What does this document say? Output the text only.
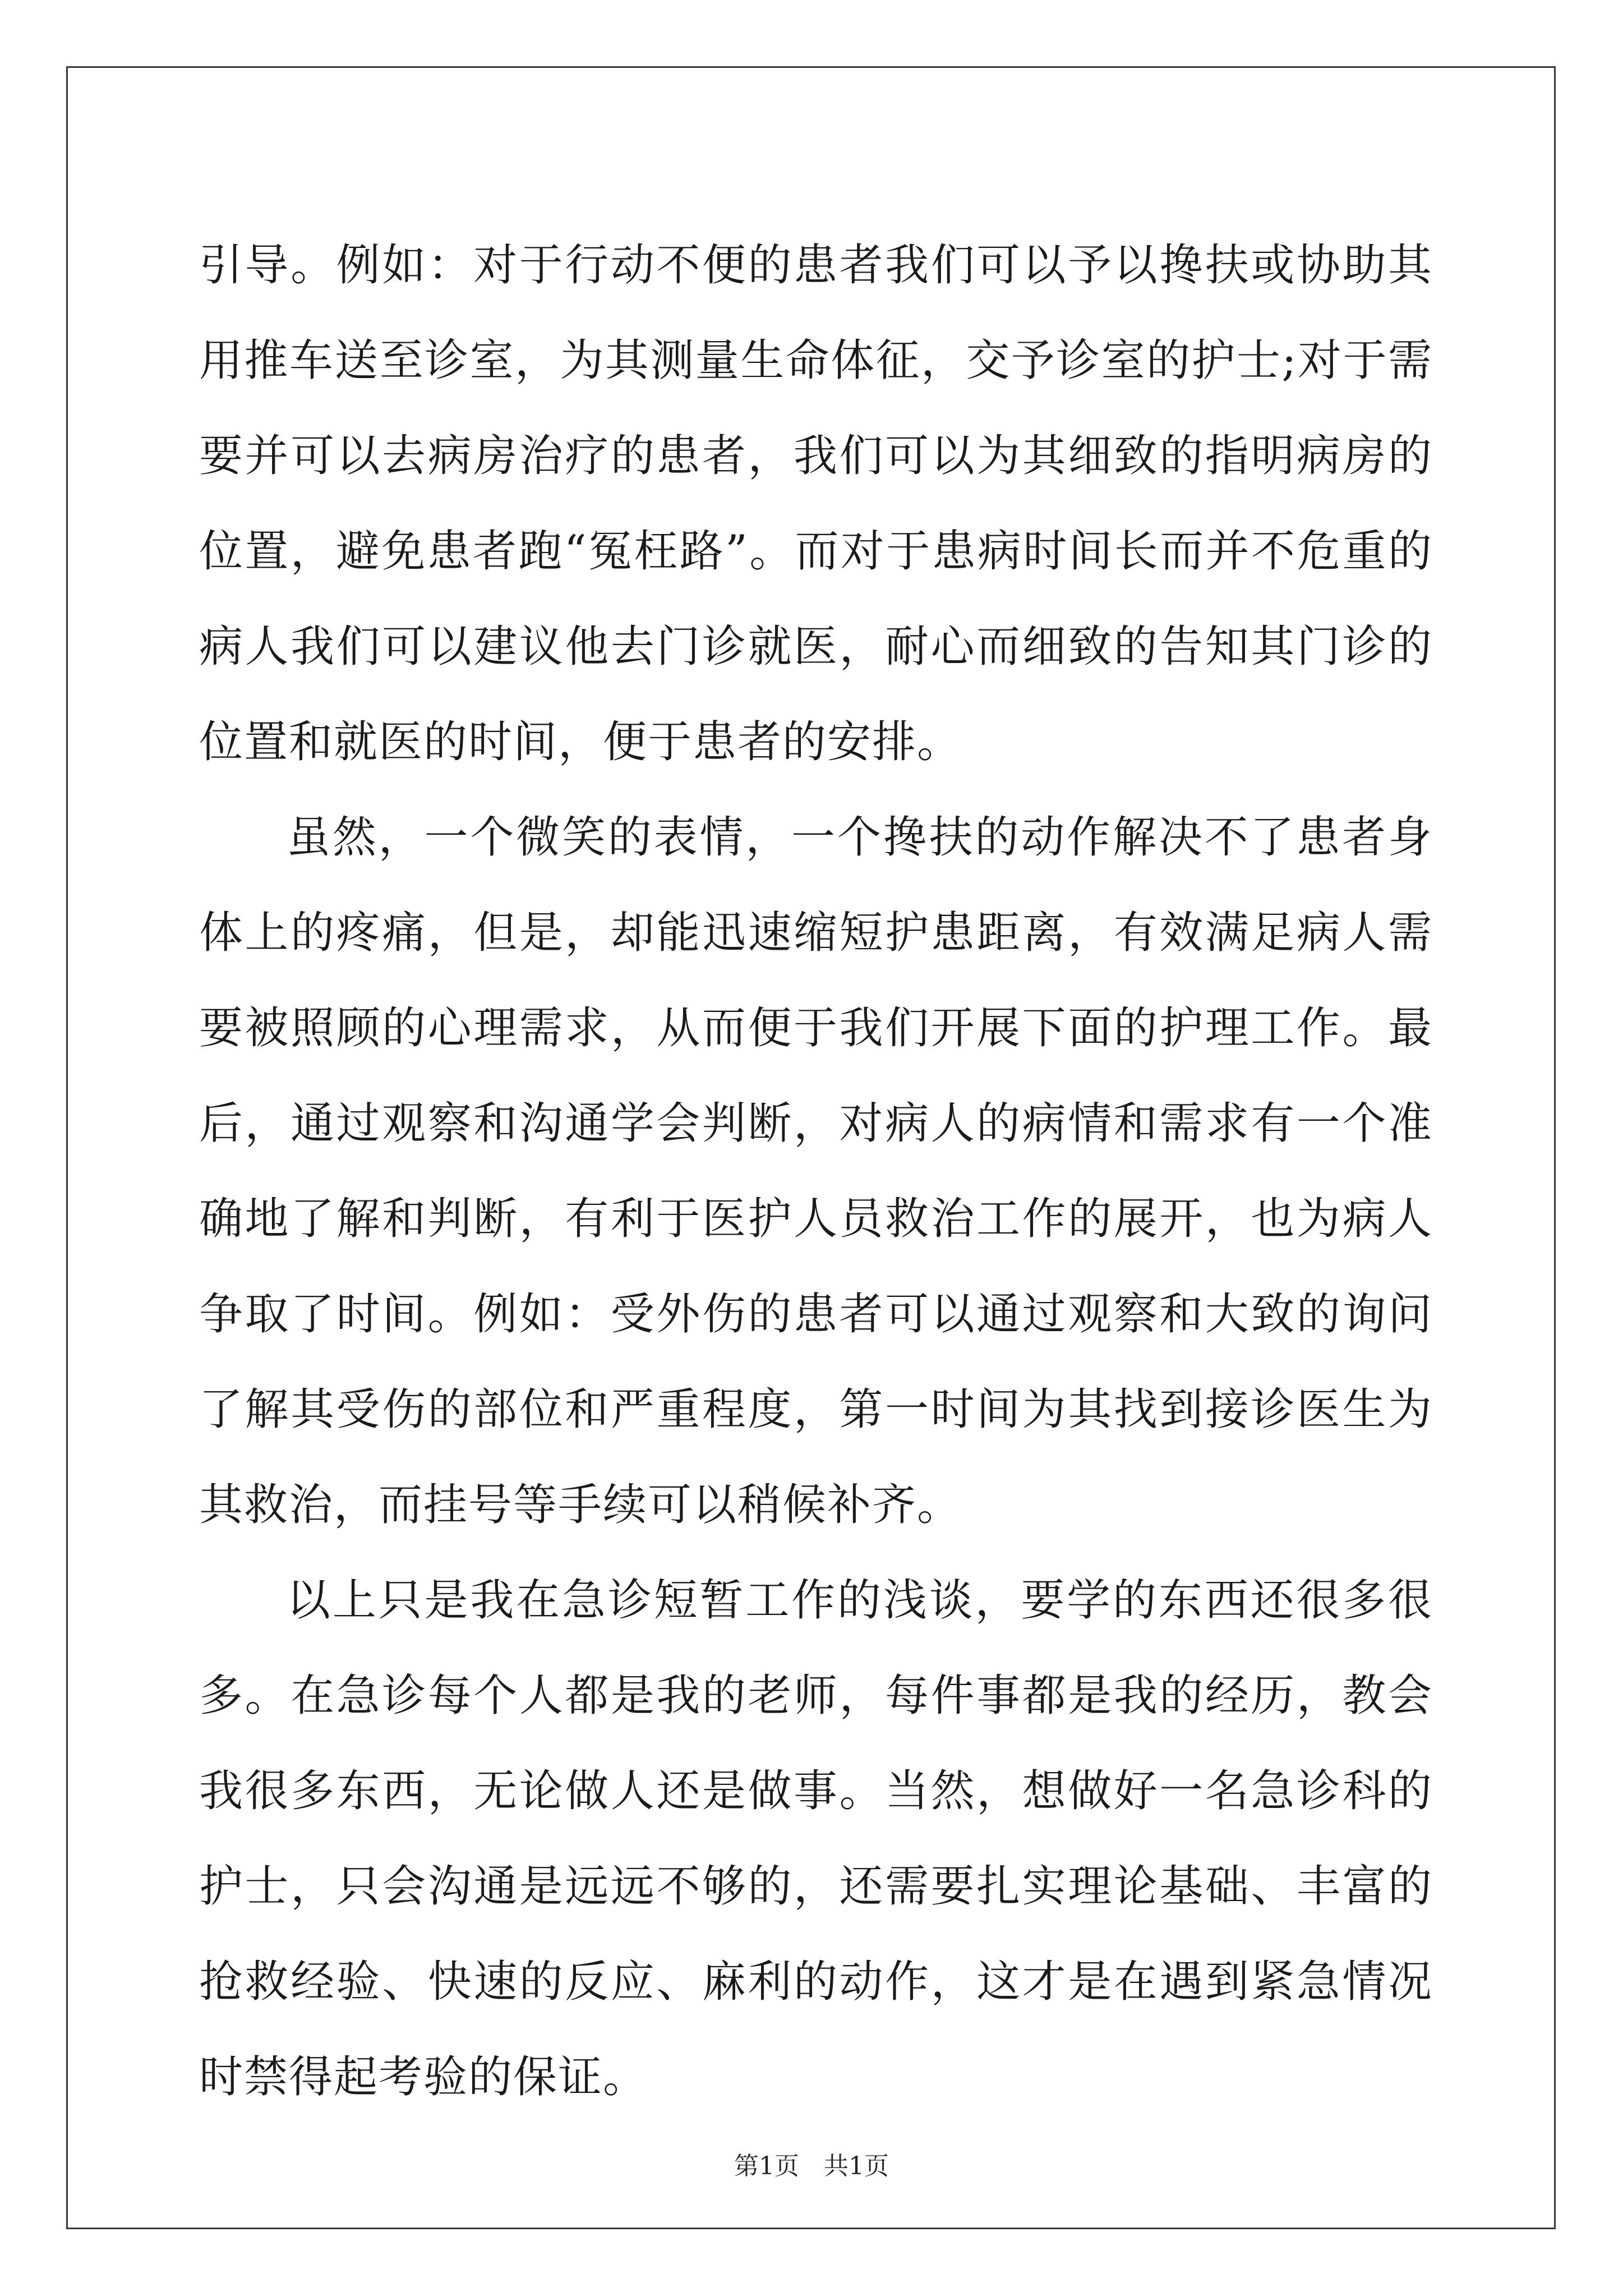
引导。例如：对于行动不便的患者我们可以予以搀扶或协助其用推车送至诊室，为其测量生命体征，交予诊室的护士;对于需要并可以去病房治疗的患者，我们可以为其细致的指明病房的位置，避免患者跑“冤枉路”。而对于患病时间长而并不危重的病人我们可以建议他去门诊就医，耐心而细致的告知其门诊的位置和就医的时间，便于患者的安排。

虽然，一个微笑的表情，一个搀扶的动作解决不了患者身体上的疼痛，但是，却能迅速缩短护患距离，有效满足病人需要被照顾的心理需求，从而便于我们开展下面的护理工作。最后，通过观察和沟通学会判断，对病人的病情和需求有一个准确地了解和判断，有利于医护人员救治工作的展开，也为病人争取了时间。例如：受外伤的患者可以通过观察和大致的询问了解其受伤的部位和严重程度，第一时间为其找到接诊医生为其救治，而挂号等手续可以稍候补齐。

以上只是我在急诊短暂工作的浅谈，要学的东西还很多很多。在急诊每个人都是我的老师，每件事都是我的经历，教会我很多东西，无论做人还是做事。当然，想做好一名急诊科的护士，只会沟通是远远不够的，还需要扎实理论基础、丰富的抢救经验、快速的反应、麻利的动作，这才是在遇到紧急情况时禁得起考验的保证。

第1页　共1页
